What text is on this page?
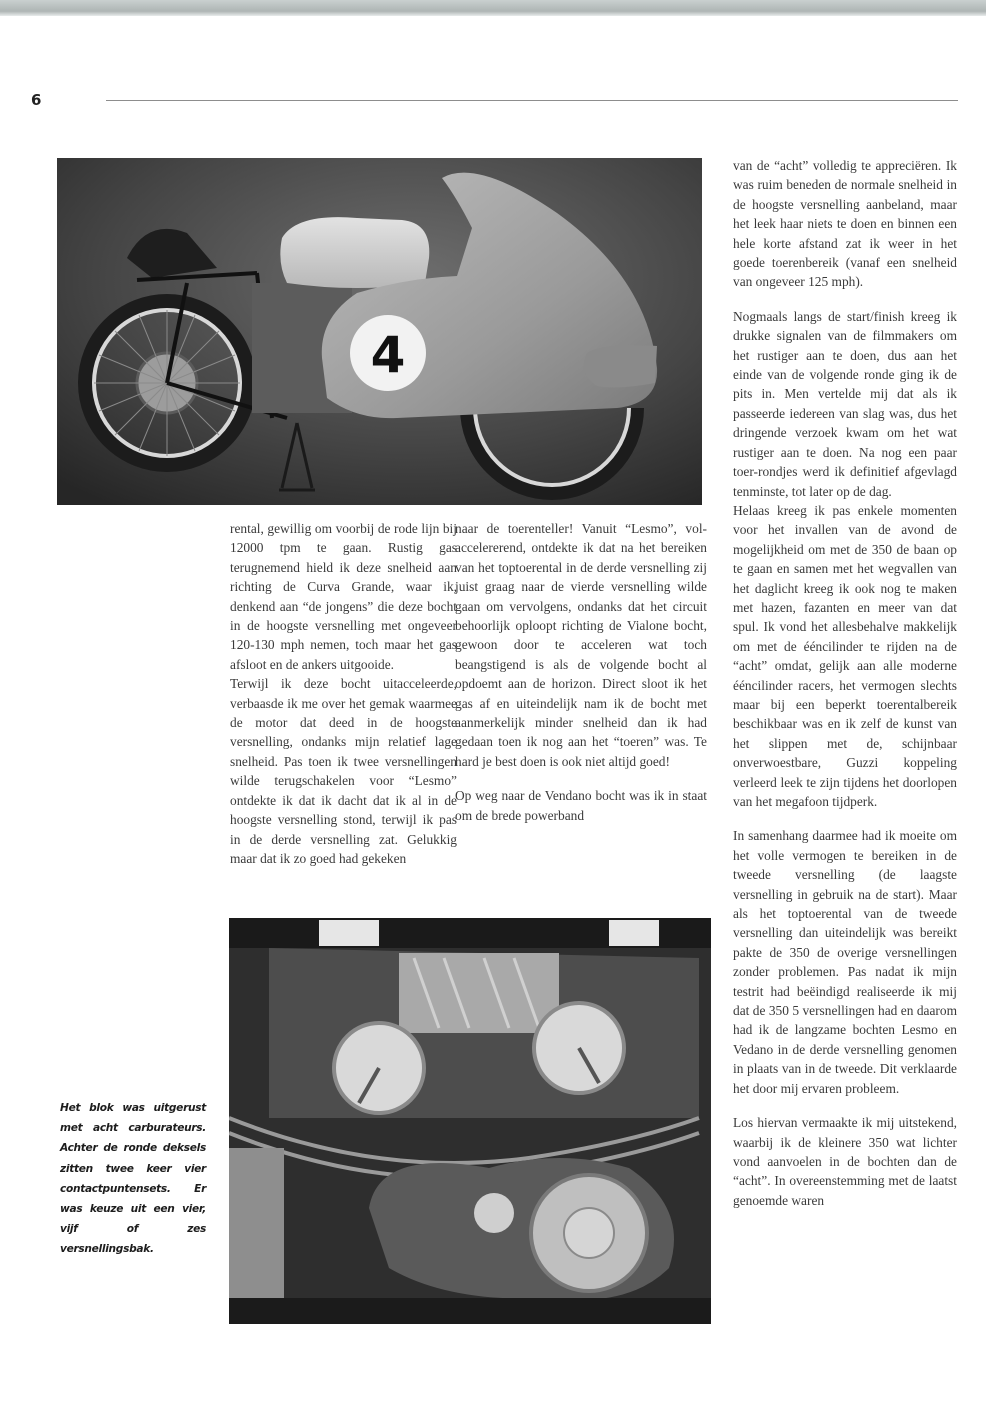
6
4

rental, gewillig om voorbij de rode lijn bij 12000 tpm te gaan. Rustig gas terugnemend hield ik deze snelheid aan richting de Curva Grande, waar ik, denkend aan “de jongens” die deze bocht in de hoogste versnelling met ongeveer 120-130 mph nemen, toch maar het gas afsloot en de ankers uitgooide.

Terwijl ik deze bocht uitacceleerde, verbaasde ik me over het gemak waarmee de motor dat deed in de hoogste versnelling, ondanks mijn relatief lage snelheid. Pas toen ik twee versnellingen wilde terugschakelen voor “Lesmo” ontdekte ik dat ik dacht dat ik al in de hoogste versnelling stond, terwijl ik pas in de derde versnelling zat. Gelukkig maar dat ik zo goed had gekeken

naar de toerenteller! Vanuit “Lesmo”, vol-accelererend, ontdekte ik dat na het bereiken van het toptoerental in de derde versnelling zij juist graag naar de vierde versnelling wilde gaan om vervolgens, ondanks dat het circuit behoorlijk oploopt richting de Vialone bocht, gewoon door te acceleren wat toch beangstigend is als de volgende bocht al opdoemt aan de horizon. Direct sloot ik het gas af en uiteindelijk nam ik de bocht met aanmerkelijk minder snelheid dan ik had gedaan toen ik nog aan het “toeren” was. Te hard je best doen is ook niet altijd goed!

Op weg naar de Vendano bocht was ik in staat om de brede powerband

van de “acht” volledig te appreciëren. Ik was ruim beneden de normale snelheid in de hoogste versnelling aanbeland, maar het leek haar niets te doen en binnen een hele korte afstand zat ik weer in het goede toerenbereik (vanaf een snelheid van ongeveer 125 mph).

Nogmaals langs de start/finish kreeg ik drukke signalen van de filmmakers om het rustiger aan te doen, dus aan het einde van de volgende ronde ging ik de pits in. Men vertelde mij dat als ik passeerde iedereen van slag was, dus het dringende verzoek kwam om het wat rustiger aan te doen. Na nog een paar toer-rondjes werd ik definitief afgevlagd tenminste, tot later op de dag.

Helaas kreeg ik pas enkele momenten voor het invallen van de avond de mogelijkheid om met de 350 de baan op te gaan en samen met het wegvallen van het daglicht kreeg ik ook nog te maken met hazen, fazanten en meer van dat spul. Ik vond het allesbehalve makkelijk om met de ééncilinder te rijden na de “acht” omdat, gelijk aan alle moderne ééncilinder racers, het vermogen slechts maar bij een beperkt toerentalbereik beschikbaar was en ik zelf de kunst van het slippen met de, schijnbaar onverwoestbare, Guzzi koppeling verleerd leek te zijn tijdens het doorlopen van het megafoon tijdperk.

In samenhang daarmee had ik moeite om het volle vermogen te bereiken in de tweede versnelling (de laagste versnelling in gebruik na de start). Maar als het toptoerental van de tweede versnelling dan uiteindelijk was bereikt pakte de 350 de overige versnellingen zonder problemen. Pas nadat ik mijn testrit had beëindigd realiseerde ik mij dat de 350 5 versnellingen had en daarom had ik de langzame bochten Lesmo en Vedano in de derde versnelling genomen in plaats van in de tweede. Dit verklaarde het door mij ervaren probleem.

Los hiervan vermaakte ik mij uitstekend, waarbij ik de kleinere 350 wat lichter vond aanvoelen in de bochten dan de “acht”. In overeenstemming met de laatst genoemde waren

Het blok was uitgerust met acht carburateurs. Achter de ronde deksels zitten twee keer vier contactpuntensets. Er was keuze uit een vier, vijf of zes versnellingsbak.
